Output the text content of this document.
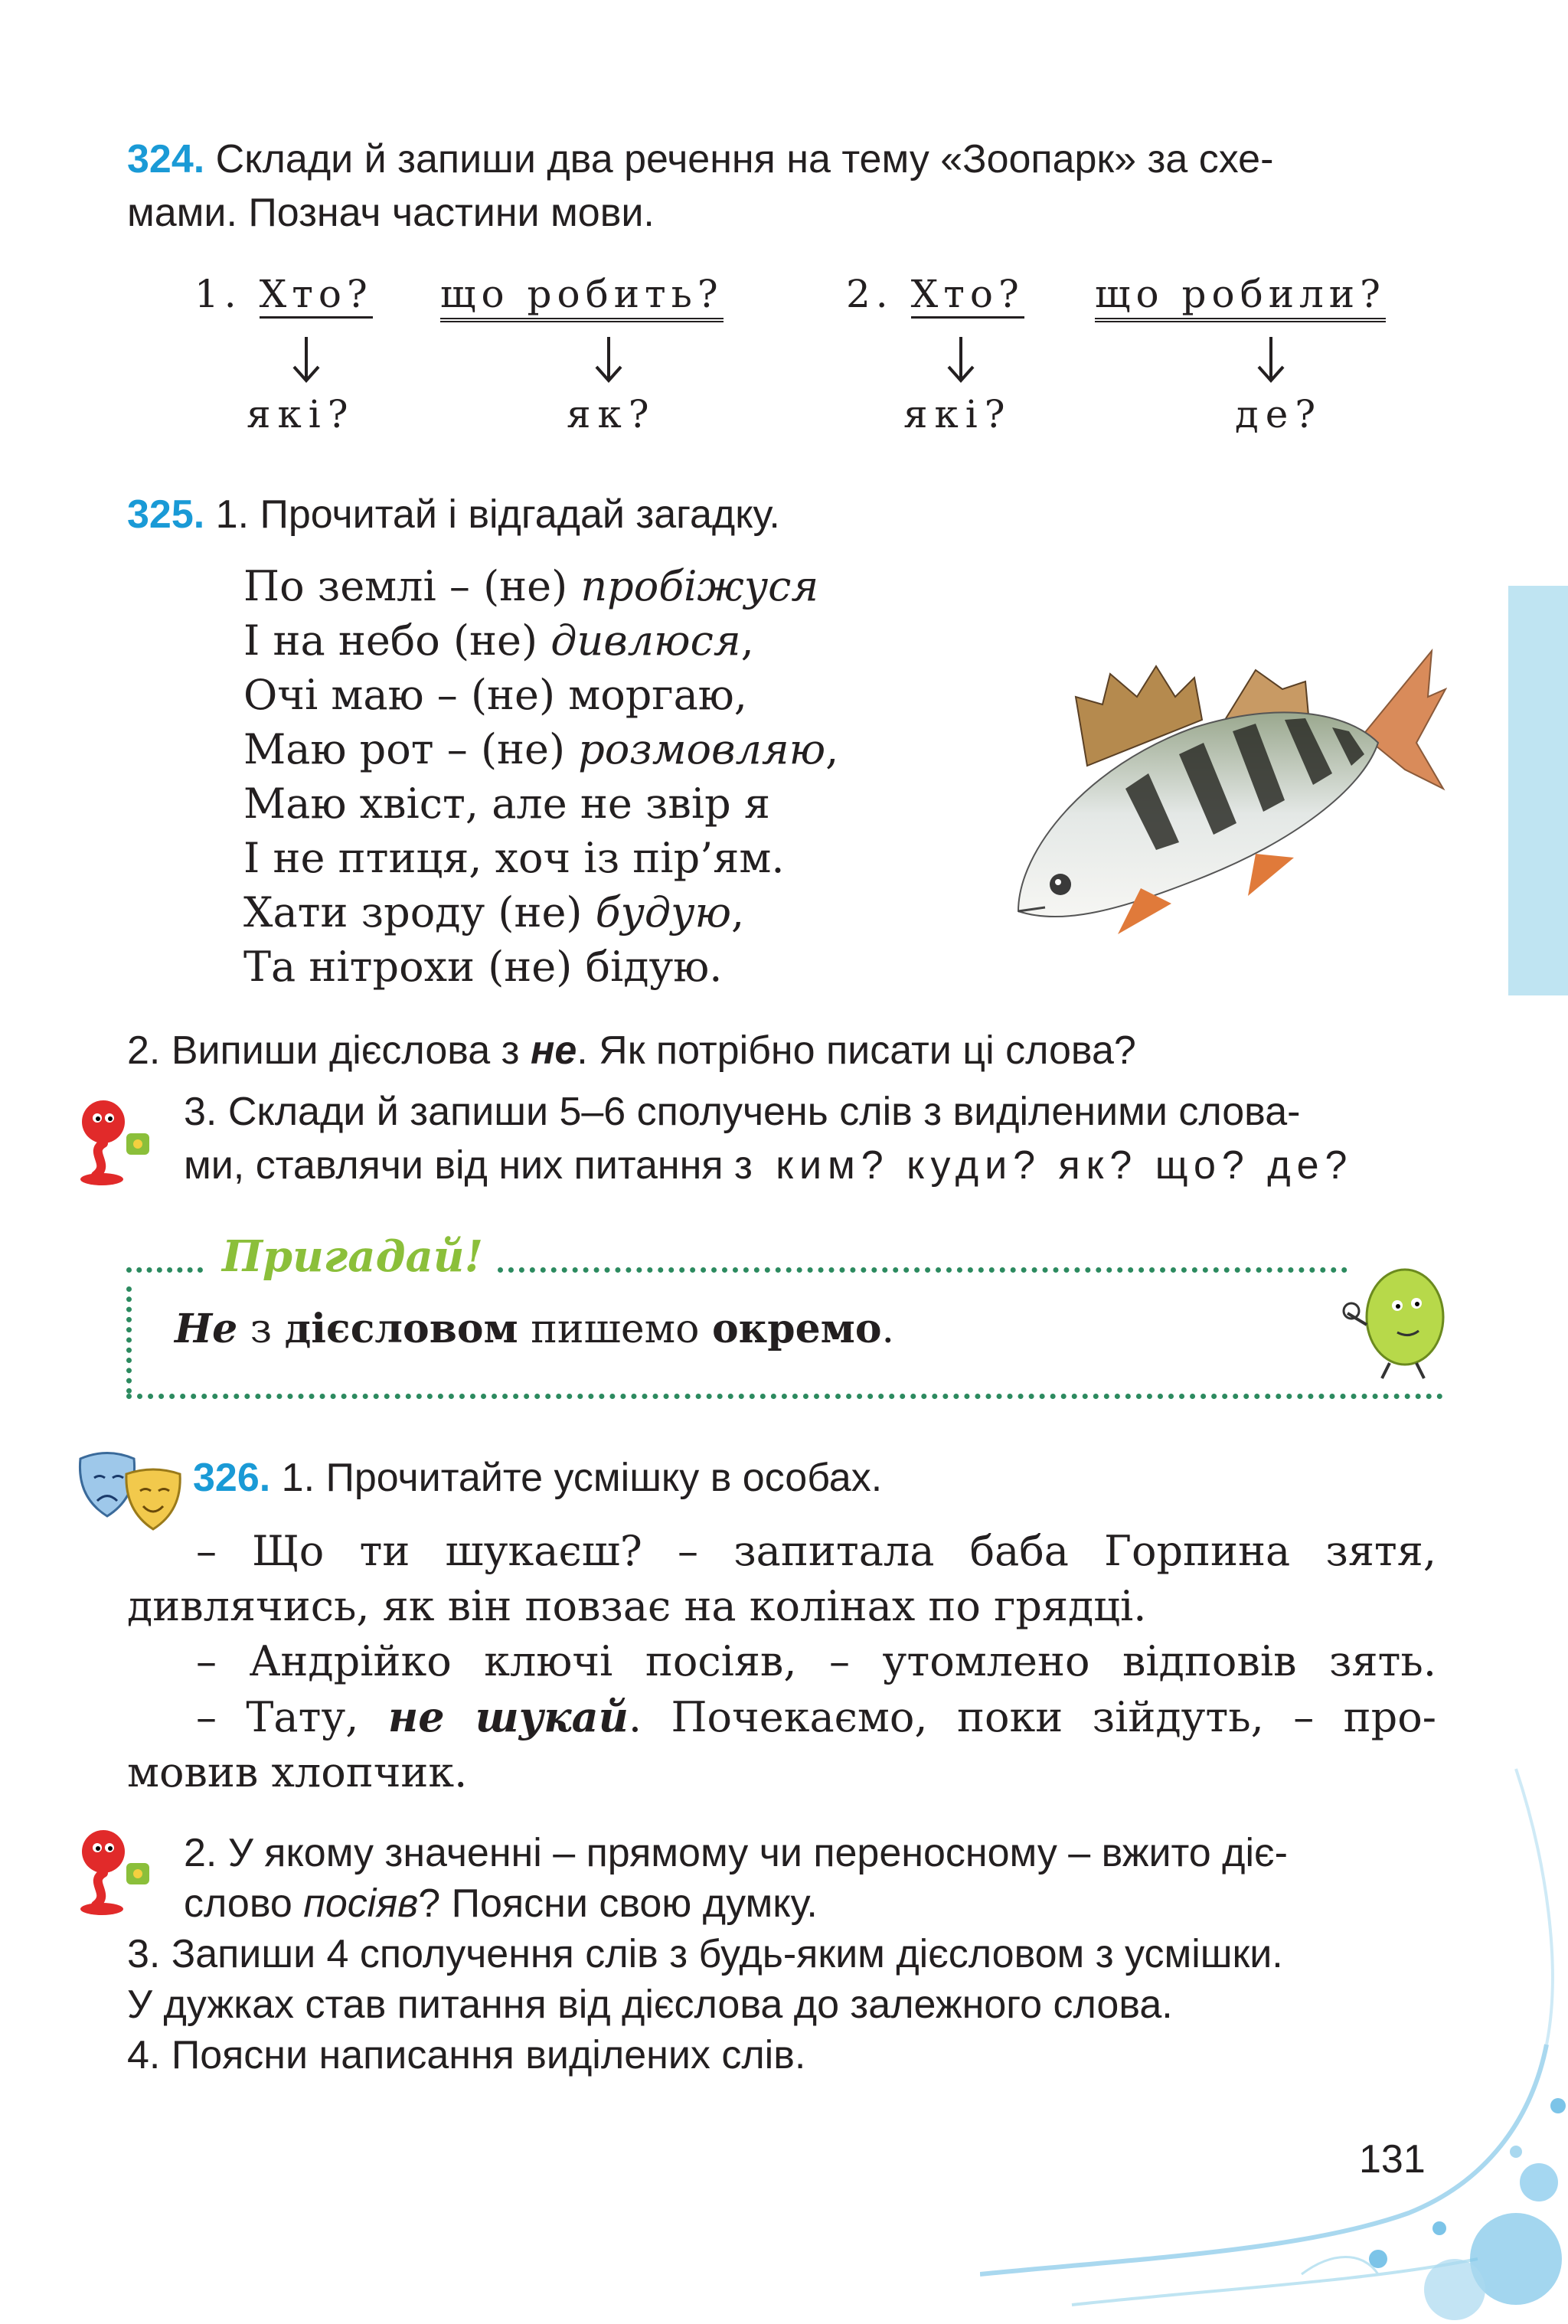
324. Склади й запиши два речення на тему «Зоопарк» за схе-
мами. Познач частини мови.
1. Хто? що робить?	2. Хто? що робили?
які?	як?	які?	де?
325. 1. Прочитай і відгадай загадку.
По землі – (не) пробіжуся
І на небо (не) дивлюся,
Очі маю – (не) моргаю,
Маю рот – (не) розмовляю,
Маю хвіст, але не звір я
І не птиця, хоч із пір’ям.
Хати зроду (не) будую,
Та нітрохи (не) бідую.
2. Випиши дієслова з не. Як потрібно писати ці слова?
3. Склади й запиши 5–6 сполучень слів з виділеними слова-
ми, ставлячи від них питання з ким? куди? як? що? де?
Пригадай!
Не з дієсловом пишемо окремо.
326. 1. Прочитайте усмішку в особах.
– Що ти шукаєш? – запитала баба Горпина зятя,
дивлячись, як він повзає на колінах по грядці.
– Андрійко ключі посіяв, – утомлено відповів зять.
– Тату, не шукай. Почекаємо, поки зійдуть, – про-
мовив хлопчик.
2. У якому значенні – прямому чи переносному – вжито діє-
слово посіяв? Поясни свою думку.
3. Запиши 4 сполучення слів з будь-яким дієсловом з усмішки.
У дужках став питання від дієслова до залежного слова.
4. Поясни написання виділених слів.
131
